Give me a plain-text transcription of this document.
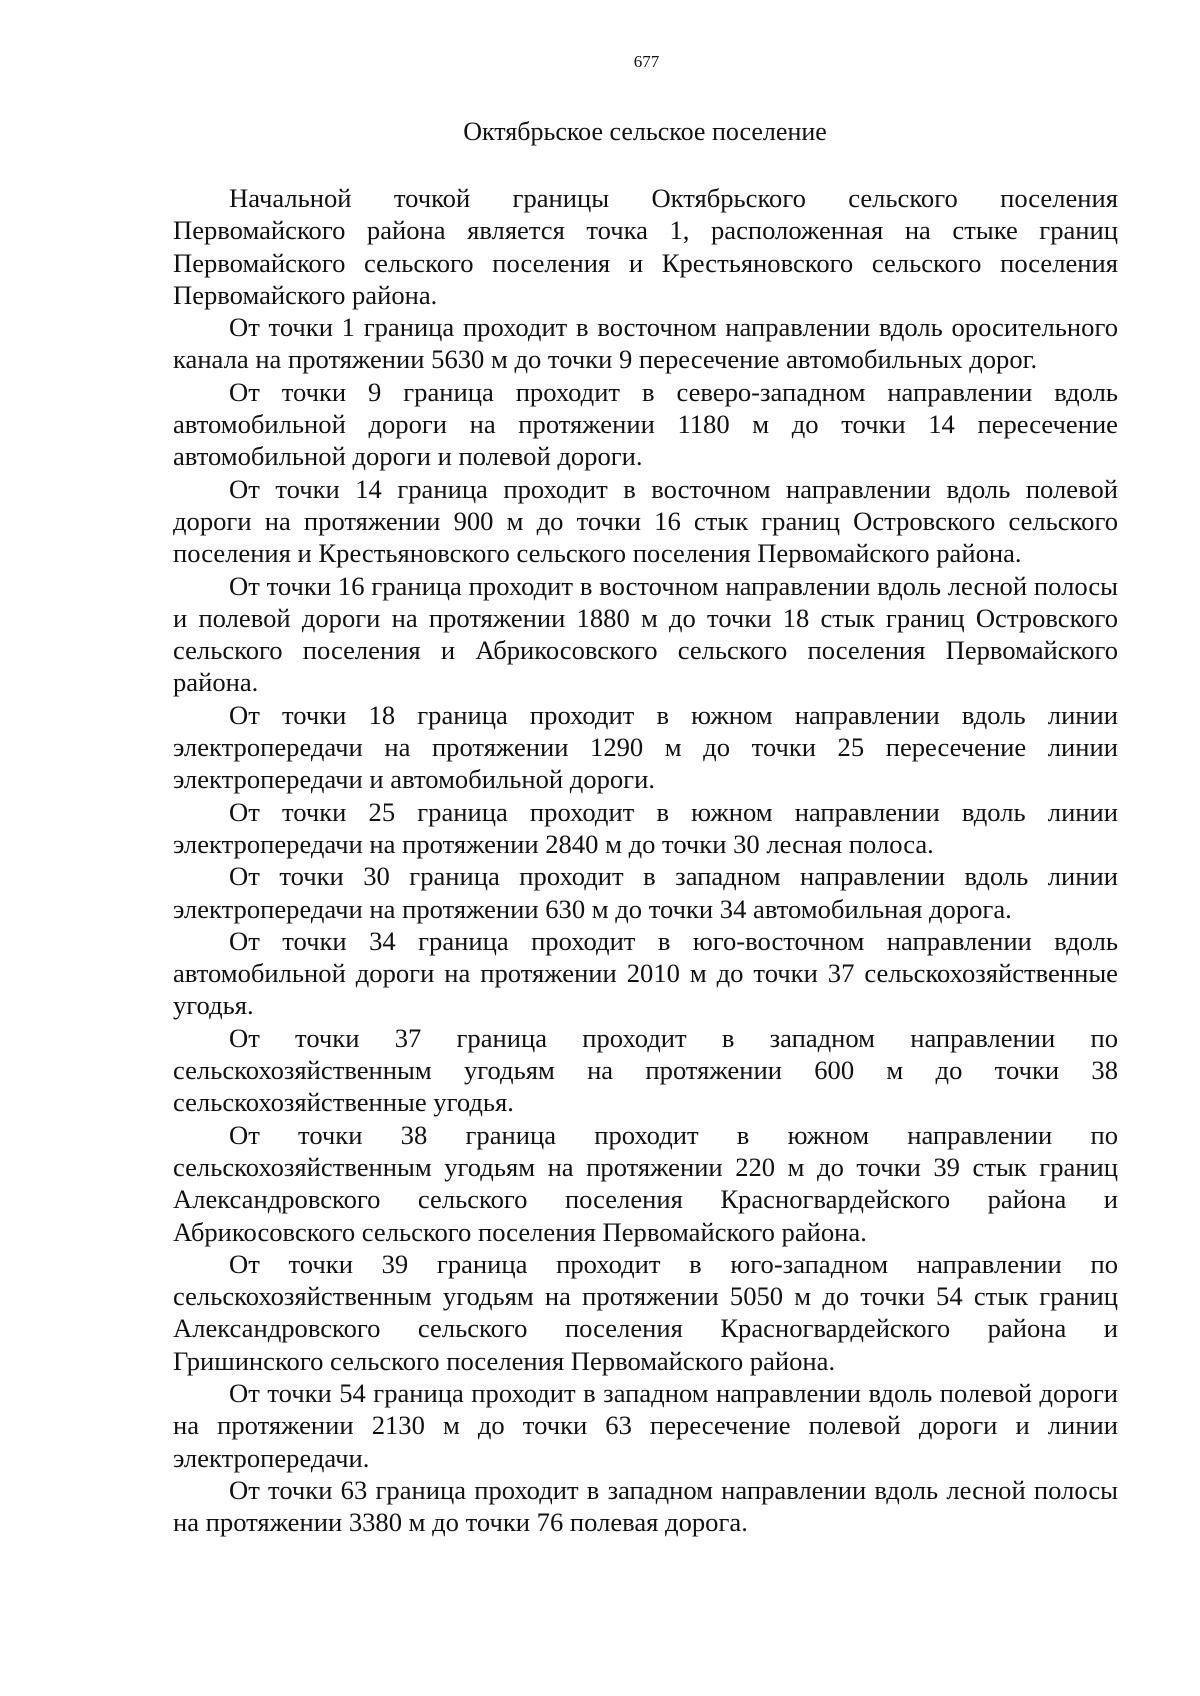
677
Октябрьское сельское поселение

Начальной точкой границы Октябрьского сельского поселения Первомайского района является точка 1, расположенная на стыке границ Первомайского сельского поселения и Крестьяновского сельского поселения Первомайского района.

От точки 1 граница проходит в восточном направлении вдоль оросительного канала на протяжении 5630 м до точки 9 пересечение автомобильных дорог.

От точки 9 граница проходит в северо-западном направлении вдоль автомобильной дороги на протяжении 1180 м до точки 14 пересечение автомобильной дороги и полевой дороги.

От точки 14 граница проходит в восточном направлении вдоль полевой дороги на протяжении 900 м до точки 16 стык границ Островского сельского поселения и Крестьяновского сельского поселения Первомайского района.

От точки 16 граница проходит в восточном направлении вдоль лесной полосы и полевой дороги на протяжении 1880 м до точки 18 стык границ Островского сельского поселения и Абрикосовского сельского поселения Первомайского района.

От точки 18 граница проходит в южном направлении вдоль линии электропередачи на протяжении 1290 м до точки 25 пересечение линии электропередачи и автомобильной дороги.

От точки 25 граница проходит в южном направлении вдоль линии электропередачи на протяжении 2840 м до точки 30 лесная полоса.

От точки 30 граница проходит в западном направлении вдоль линии электропередачи на протяжении 630 м до точки 34 автомобильная дорога.

От точки 34 граница проходит в юго-восточном направлении вдоль автомобильной дороги на протяжении 2010 м до точки 37 сельскохозяйственные угодья.

От точки 37 граница проходит в западном направлении по сельскохозяйственным угодьям на протяжении 600 м до точки 38 сельскохозяйственные угодья.

От точки 38 граница проходит в южном направлении по сельскохозяйственным угодьям на протяжении 220 м до точки 39 стык границ Александровского сельского поселения Красногвардейского района и Абрикосовского сельского поселения Первомайского района.

От точки 39 граница проходит в юго-западном направлении по сельскохозяйственным угодьям на протяжении 5050 м до точки 54 стык границ Александровского сельского поселения Красногвардейского района и Гришинского сельского поселения Первомайского района.

От точки 54 граница проходит в западном направлении вдоль полевой дороги на протяжении 2130 м до точки 63 пересечение полевой дороги и линии электропередачи.

От точки 63 граница проходит в западном направлении вдоль лесной полосы на протяжении 3380 м до точки 76 полевая дорога.
